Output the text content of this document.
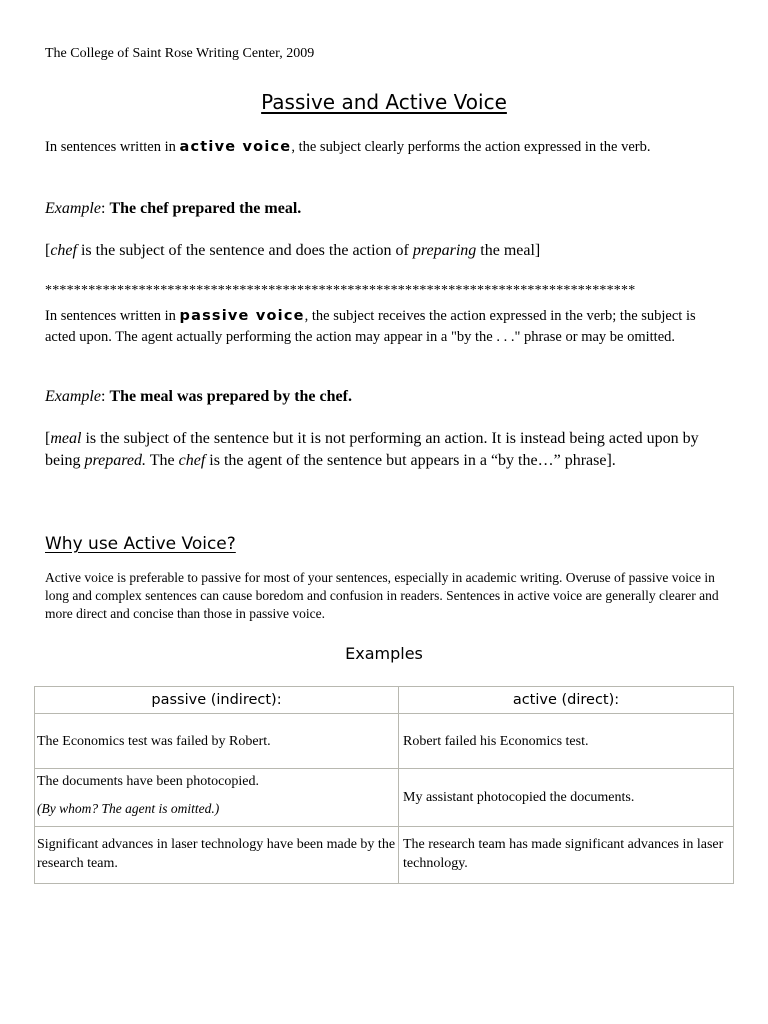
The College of Saint Rose Writing Center, 2009
Passive and Active Voice
In sentences written in active voice, the subject clearly performs the action expressed in the verb.
Example: The chef prepared the meal.
[chef is the subject of the sentence and does the action of preparing the meal]
**********************************************************************************
In sentences written in passive voice, the subject receives the action expressed in the verb; the subject is acted upon. The agent actually performing the action may appear in a "by the . . ." phrase or may be omitted.
Example: The meal was prepared by the chef.
[meal is the subject of the sentence but it is not performing an action. It is instead being acted upon by being prepared. The chef is the agent of the sentence but appears in a “by the…” phrase].
Why use Active Voice?
Active voice is preferable to passive for most of your sentences, especially in academic writing. Overuse of passive voice in long and complex sentences can cause boredom and confusion in readers. Sentences in active voice are generally clearer and more direct and concise than those in passive voice.
Examples
passive (indirect):	active (direct):
The Economics test was failed by Robert.	Robert failed his Economics test.

The documents have been photocopied.
(By whom? The agent is omitted.)	My assistant photocopied the documents.
Significant advances in laser technology have been made by the research team.	The research team has made significant advances in laser technology.
